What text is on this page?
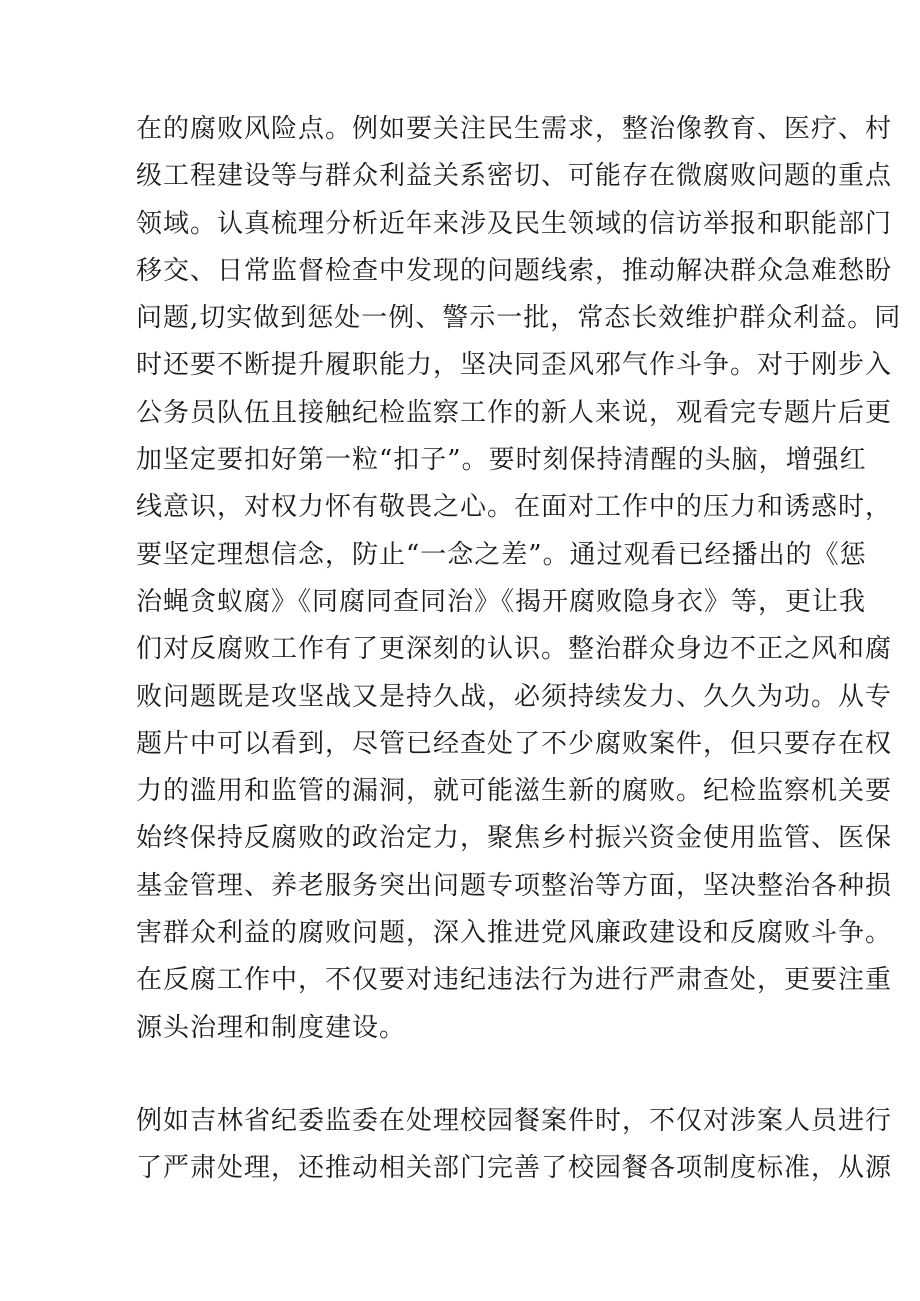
在的腐败风险点。例如要关注民生需求，整治像教育、医疗、村
级工程建设等与群众利益关系密切、可能存在微腐败问题的重点
领域。认真梳理分析近年来涉及民生领域的信访举报和职能部门
移交、日常监督检查中发现的问题线索，推动解决群众急难愁盼
问题,切实做到惩处一例、警示一批，常态长效维护群众利益。同
时还要不断提升履职能力，坚决同歪风邪气作斗争。对于刚步入
公务员队伍且接触纪检监察工作的新人来说，观看完专题片后更
加坚定要扣好第一粒“扣子”。要时刻保持清醒的头脑，增强红
线意识，对权力怀有敬畏之心。在面对工作中的压力和诱惑时，
要坚定理想信念，防止“一念之差”。通过观看已经播出的《惩
治蝇贪蚁腐》《同腐同查同治》《揭开腐败隐身衣》等，更让我
们对反腐败工作有了更深刻的认识。整治群众身边不正之风和腐
败问题既是攻坚战又是持久战，必须持续发力、久久为功。从专
题片中可以看到，尽管已经查处了不少腐败案件，但只要存在权
力的滥用和监管的漏洞，就可能滋生新的腐败。纪检监察机关要
始终保持反腐败的政治定力，聚焦乡村振兴资金使用监管、医保
基金管理、养老服务突出问题专项整治等方面，坚决整治各种损
害群众利益的腐败问题，深入推进党风廉政建设和反腐败斗争。
在反腐工作中，不仅要对违纪违法行为进行严肃查处，更要注重
源头治理和制度建设。
例如吉林省纪委监委在处理校园餐案件时，不仅对涉案人员进行
了严肃处理，还推动相关部门完善了校园餐各项制度标准，从源
